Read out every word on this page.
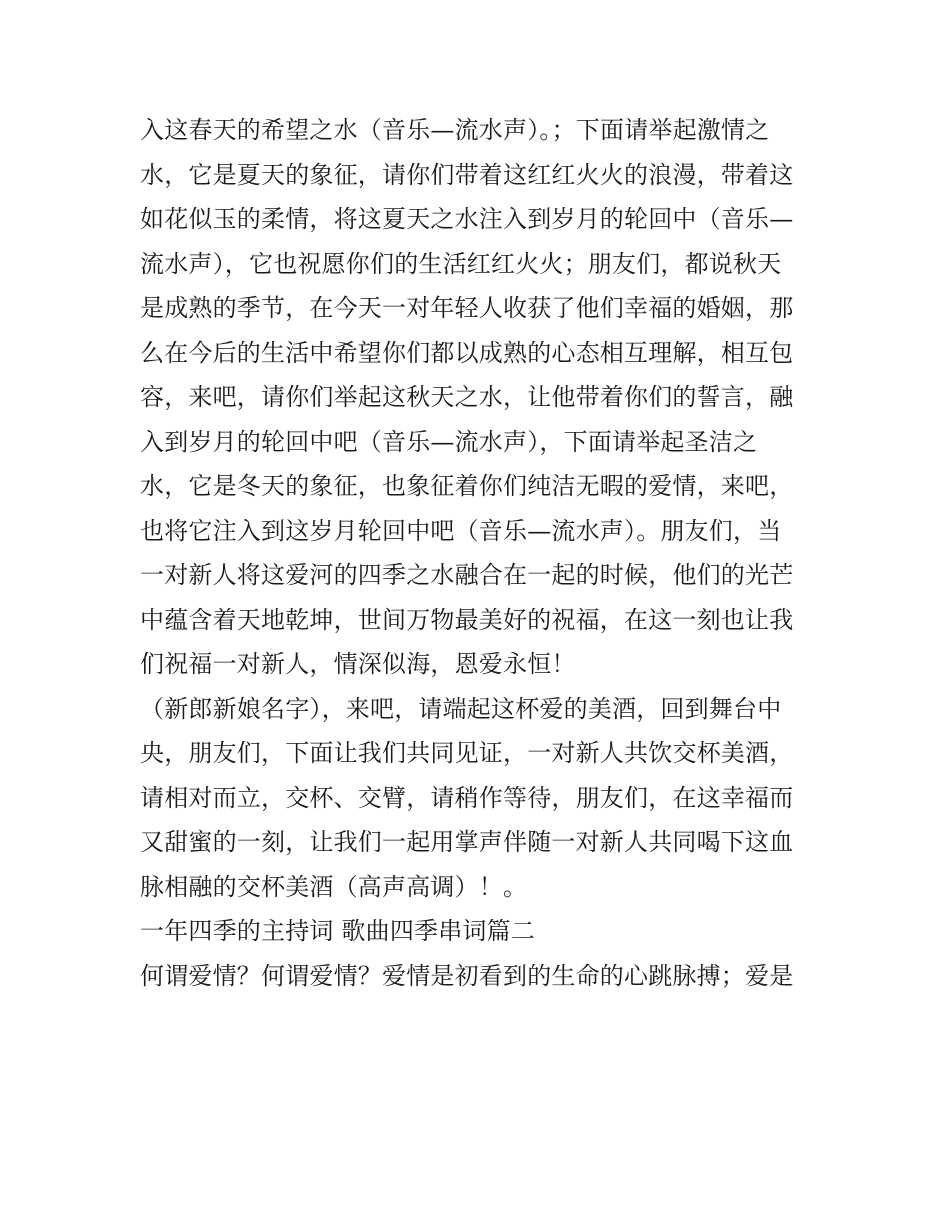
入这春天的希望之水（音乐—流水声）。；下面请举起激情之
水，它是夏天的象征，请你们带着这红红火火的浪漫，带着这
如花似玉的柔情，将这夏天之水注入到岁月的轮回中（音乐—
流水声），它也祝愿你们的生活红红火火；朋友们，都说秋天
是成熟的季节，在今天一对年轻人收获了他们幸福的婚姻，那
么在今后的生活中希望你们都以成熟的心态相互理解，相互包
容，来吧，请你们举起这秋天之水，让他带着你们的誓言，融
入到岁月的轮回中吧（音乐—流水声），下面请举起圣洁之
水，它是冬天的象征，也象征着你们纯洁无暇的爱情，来吧，
也将它注入到这岁月轮回中吧（音乐—流水声）。朋友们，当
一对新人将这爱河的四季之水融合在一起的时候，他们的光芒
中蕴含着天地乾坤，世间万物最美好的祝福，在这一刻也让我
们祝福一对新人，情深似海，恩爱永恒！
（新郎新娘名字），来吧，请端起这杯爱的美酒，回到舞台中
央，朋友们，下面让我们共同见证，一对新人共饮交杯美酒，
请相对而立，交杯、交臂，请稍作等待，朋友们，在这幸福而
又甜蜜的一刻，让我们一起用掌声伴随一对新人共同喝下这血
脉相融的交杯美酒（高声高调）！。
一年四季的主持词 歌曲四季串词篇二
何谓爱情？何谓爱情？爱情是初看到的生命的心跳脉搏；爱是
